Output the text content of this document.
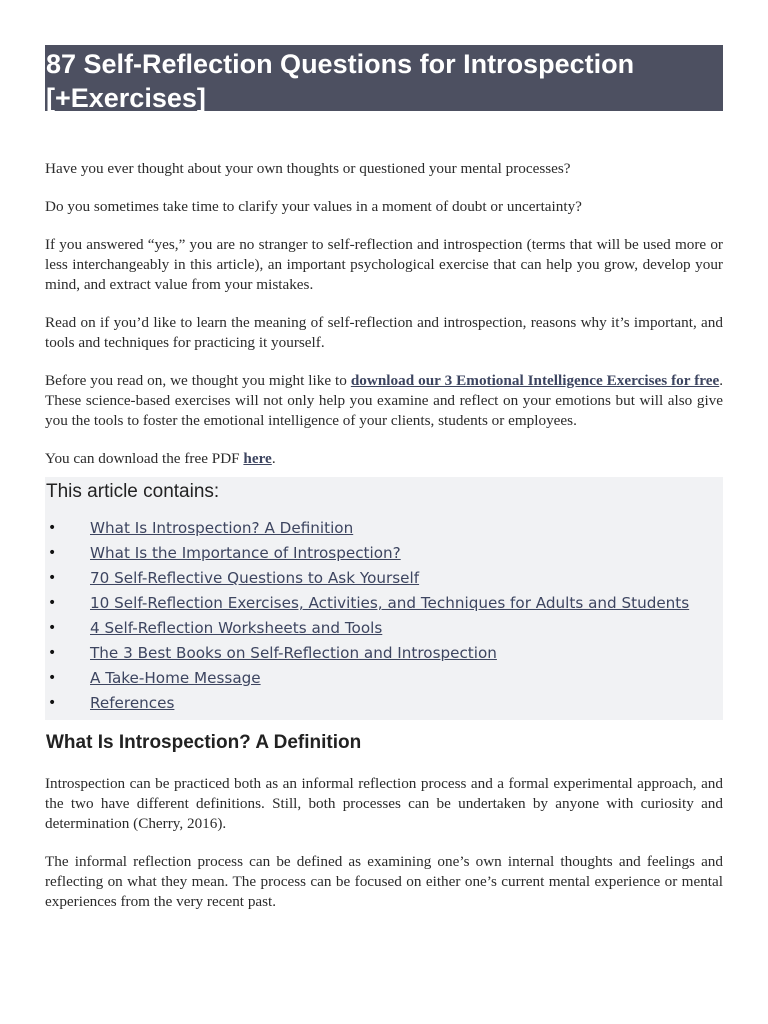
87 Self-Reflection Questions for Introspection
[+Exercises]

Have you ever thought about your own thoughts or questioned your mental processes?

Do you sometimes take time to clarify your values in a moment of doubt or uncertainty?

If you answered “yes,” you are no stranger to self-reflection and introspection (terms that will be used more or less interchangeably in this article), an important psychological exercise that can help you grow, develop your mind, and extract value from your mistakes.

Read on if you’d like to learn the meaning of self-reflection and introspection, reasons why it’s important, and tools and techniques for practicing it yourself.

Before you read on, we thought you might like to download our 3 Emotional Intelligence Exercises for free. These science-based exercises will not only help you examine and reflect on your emotions but will also give you the tools to foster the emotional intelligence of your clients, students or employees.

You can download the free PDF here.

This article contains:
• What Is Introspection? A Definition
• What Is the Importance of Introspection?
• 70 Self-Reflective Questions to Ask Yourself
• 10 Self-Reflection Exercises, Activities, and Techniques for Adults and Students
• 4 Self-Reflection Worksheets and Tools
• The 3 Best Books on Self-Reflection and Introspection
• A Take-Home Message
• References
What Is Introspection? A Definition

Introspection can be practiced both as an informal reflection process and a formal experimental approach, and the two have different definitions. Still, both processes can be undertaken by anyone with curiosity and determination (Cherry, 2016).

The informal reflection process can be defined as examining one’s own internal thoughts and feelings and reflecting on what they mean. The process can be focused on either one’s current mental experience or mental experiences from the very recent past.
